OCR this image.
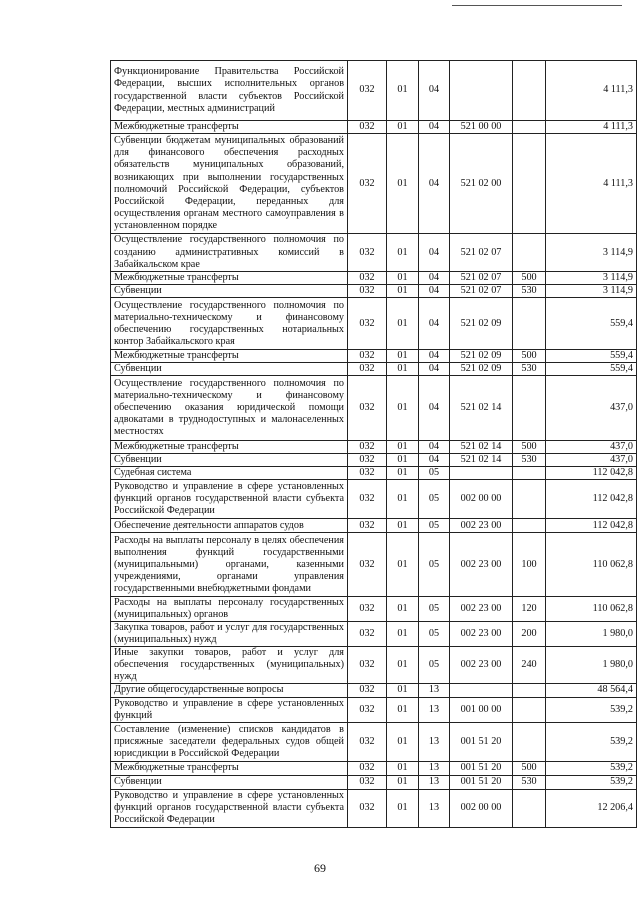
Функционирование Правительства Российской Федерации, высших исполнительных органов государственной власти субъектов Российской Федерации, местных администраций	032	01	04			4 111,3
Межбюджетные трансферты	032	01	04	521 00 00		4 111,3
Субвенции бюджетам муниципальных образований для финансового обеспечения расходных обязательств муниципальных образований, возникающих при выполнении государственных полномочий Российской Федерации, субъектов Российской Федерации, переданных для осуществления органам местного самоуправления в установленном порядке	032	01	04	521 02 00		4 111,3
Осуществление государственного полномочия по созданию административных комиссий в Забайкальском крае	032	01	04	521 02 07		3 114,9
Межбюджетные трансферты	032	01	04	521 02 07	500	3 114,9
Субвенции	032	01	04	521 02 07	530	3 114,9
Осуществление государственного полномочия по материально-техническому и финансовому обеспечению государственных нотариальных контор Забайкальского края	032	01	04	521 02 09		559,4
Межбюджетные трансферты	032	01	04	521 02 09	500	559,4
Субвенции	032	01	04	521 02 09	530	559,4
Осуществление государственного полномочия по материально-техническому и финансовому обеспечению оказания юридической помощи адвокатами в труднодоступных и малонаселенных местностях	032	01	04	521 02 14		437,0
Межбюджетные трансферты	032	01	04	521 02 14	500	437,0
Субвенции	032	01	04	521 02 14	530	437,0
Судебная система	032	01	05			112 042,8
Руководство и управление в сфере установленных функций органов государственной власти субъекта Российской Федерации	032	01	05	002 00 00		112 042,8
Обеспечение деятельности аппаратов судов	032	01	05	002 23 00		112 042,8
Расходы на выплаты персоналу в целях обеспечения выполнения функций государственными (муниципальными) органами, казенными учреждениями, органами управления государственными внебюджетными фондами	032	01	05	002 23 00	100	110 062,8
Расходы на выплаты персоналу государственных (муниципальных) органов	032	01	05	002 23 00	120	110 062,8
Закупка товаров, работ и услуг для государственных (муниципальных) нужд	032	01	05	002 23 00	200	1 980,0
Иные закупки товаров, работ и услуг для обеспечения государственных (муниципальных) нужд	032	01	05	002 23 00	240	1 980,0
Другие общегосударственные вопросы	032	01	13			48 564,4
Руководство и управление в сфере установленных функций	032	01	13	001 00 00		539,2
Составление (изменение) списков кандидатов в присяжные заседатели федеральных судов общей юрисдикции в Российской Федерации	032	01	13	001 51 20		539,2
Межбюджетные трансферты	032	01	13	001 51 20	500	539,2
Субвенции	032	01	13	001 51 20	530	539,2
Руководство и управление в сфере установленных функций органов государственной власти субъекта Российской Федерации	032	01	13	002 00 00		12 206,4
69
